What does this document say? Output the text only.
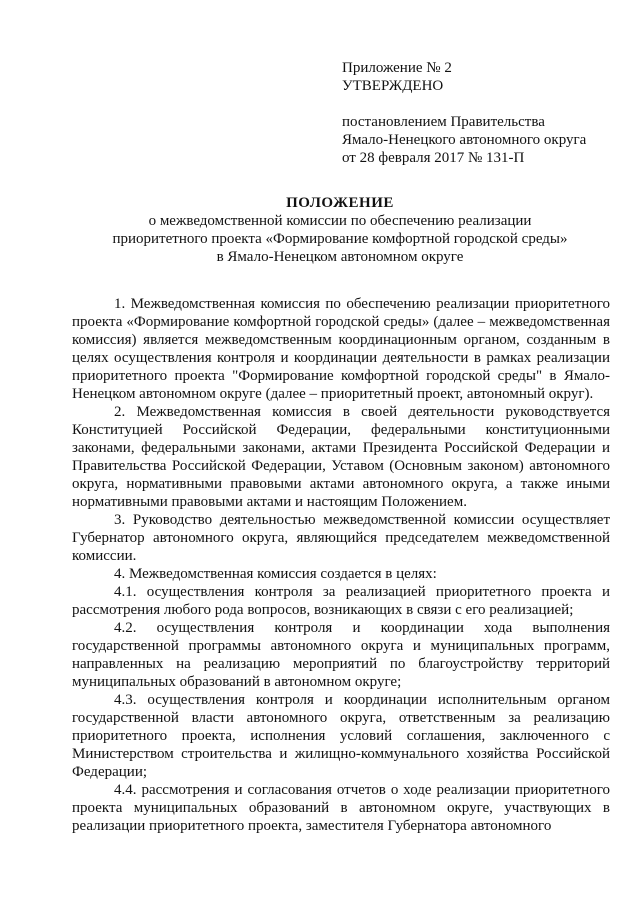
Приложение № 2
УТВЕРЖДЕНО
постановлением Правительства
Ямало-Ненецкого автономного округа
от 28 февраля 2017 № 131-П
ПОЛОЖЕНИЕ
о межведомственной комиссии по обеспечению реализации
приоритетного проекта «Формирование комфортной городской среды»
в Ямало-Ненецком автономном округе

1. Межведомственная комиссия по обеспечению реализации приоритетного проекта «Формирование комфортной городской среды» (далее – межведомственная комиссия) является межведомственным координационным органом, созданным в целях осуществления контроля и координации деятельности в рамках реализации приоритетного проекта "Формирование комфортной городской среды" в Ямало-Ненецком автономном округе (далее – приоритетный проект, автономный округ).

2. Межведомственная комиссия в своей деятельности руководствуется Конституцией Российской Федерации, федеральными конституционными законами, федеральными законами, актами Президента Российской Федерации и Правительства Российской Федерации, Уставом (Основным законом) автономного округа, нормативными правовыми актами автономного округа, а также иными нормативными правовыми актами и настоящим Положением.

3. Руководство деятельностью межведомственной комиссии осуществляет Губернатор автономного округа, являющийся председателем межведомственной комиссии.

4. Межведомственная комиссия создается в целях:

4.1. осуществления контроля за реализацией приоритетного проекта и рассмотрения любого рода вопросов, возникающих в связи с его реализацией;

4.2. осуществления контроля и координации хода выполнения государственной программы автономного округа и муниципальных программ, направленных на реализацию мероприятий по благоустройству территорий муниципальных образований в автономном округе;

4.3. осуществления контроля и координации исполнительным органом государственной власти автономного округа, ответственным за реализацию приоритетного проекта, исполнения условий соглашения, заключенного с Министерством строительства и жилищно-коммунального хозяйства Российской Федерации;

4.4. рассмотрения и согласования отчетов о ходе реализации приоритетного проекта муниципальных образований в автономном округе, участвующих в реализации приоритетного проекта, заместителя Губернатора автономного
